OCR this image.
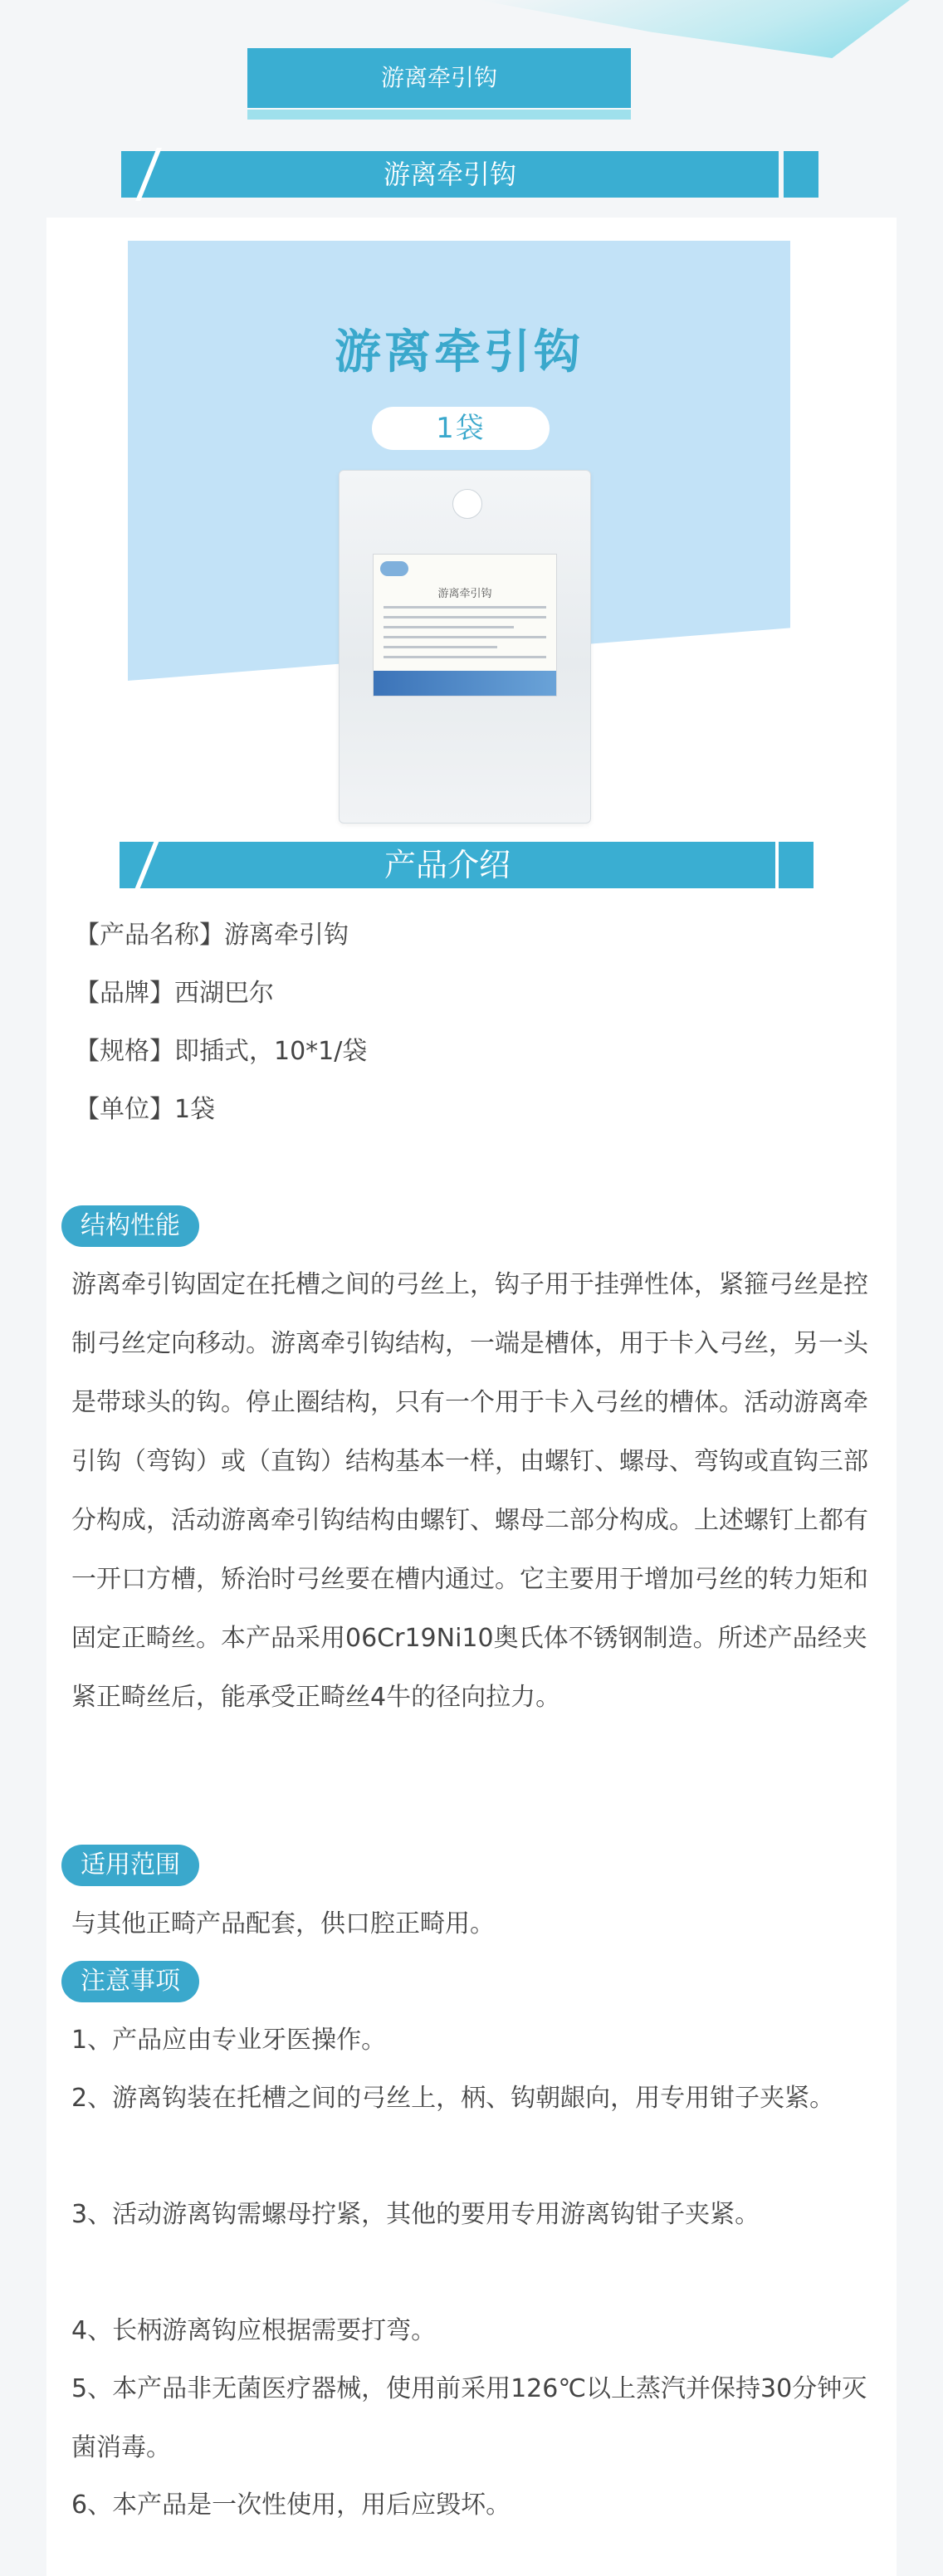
游离牵引钩
游离牵引钩
游离牵引钩
1袋
游离牵引钩
产品介绍
【产品名称】游离牵引钩
【品牌】西湖巴尔
【规格】即插式，10*1/袋
【单位】1袋
结构性能
游离牵引钩固定在托槽之间的弓丝上，钩子用于挂弹性体，紧箍弓丝是控制弓丝定向移动。游离牵引钩结构，一端是槽体，用于卡入弓丝，另一头是带球头的钩。停止圈结构，只有一个用于卡入弓丝的槽体。活动游离牵引钩（弯钩）或（直钩）结构基本一样，由螺钉、螺母、弯钩或直钩三部分构成，活动游离牵引钩结构由螺钉、螺母二部分构成。上述螺钉上都有一开口方槽，矫治时弓丝要在槽内通过。它主要用于增加弓丝的转力矩和固定正畸丝。本产品采用06Cr19Ni10奥氏体不锈钢制造。所述产品经夹紧正畸丝后，能承受正畸丝4牛的径向拉力。
适用范围
与其他正畸产品配套，供口腔正畸用。
注意事项
1、产品应由专业牙医操作。
2、游离钩装在托槽之间的弓丝上，柄、钩朝龈向，用专用钳子夹紧。
3、活动游离钩需螺母拧紧，其他的要用专用游离钩钳子夹紧。
4、长柄游离钩应根据需要打弯。
5、本产品非无菌医疗器械，使用前采用126℃以上蒸汽并保持30分钟灭菌消毒。
6、本产品是一次性使用，用后应毁坏。
